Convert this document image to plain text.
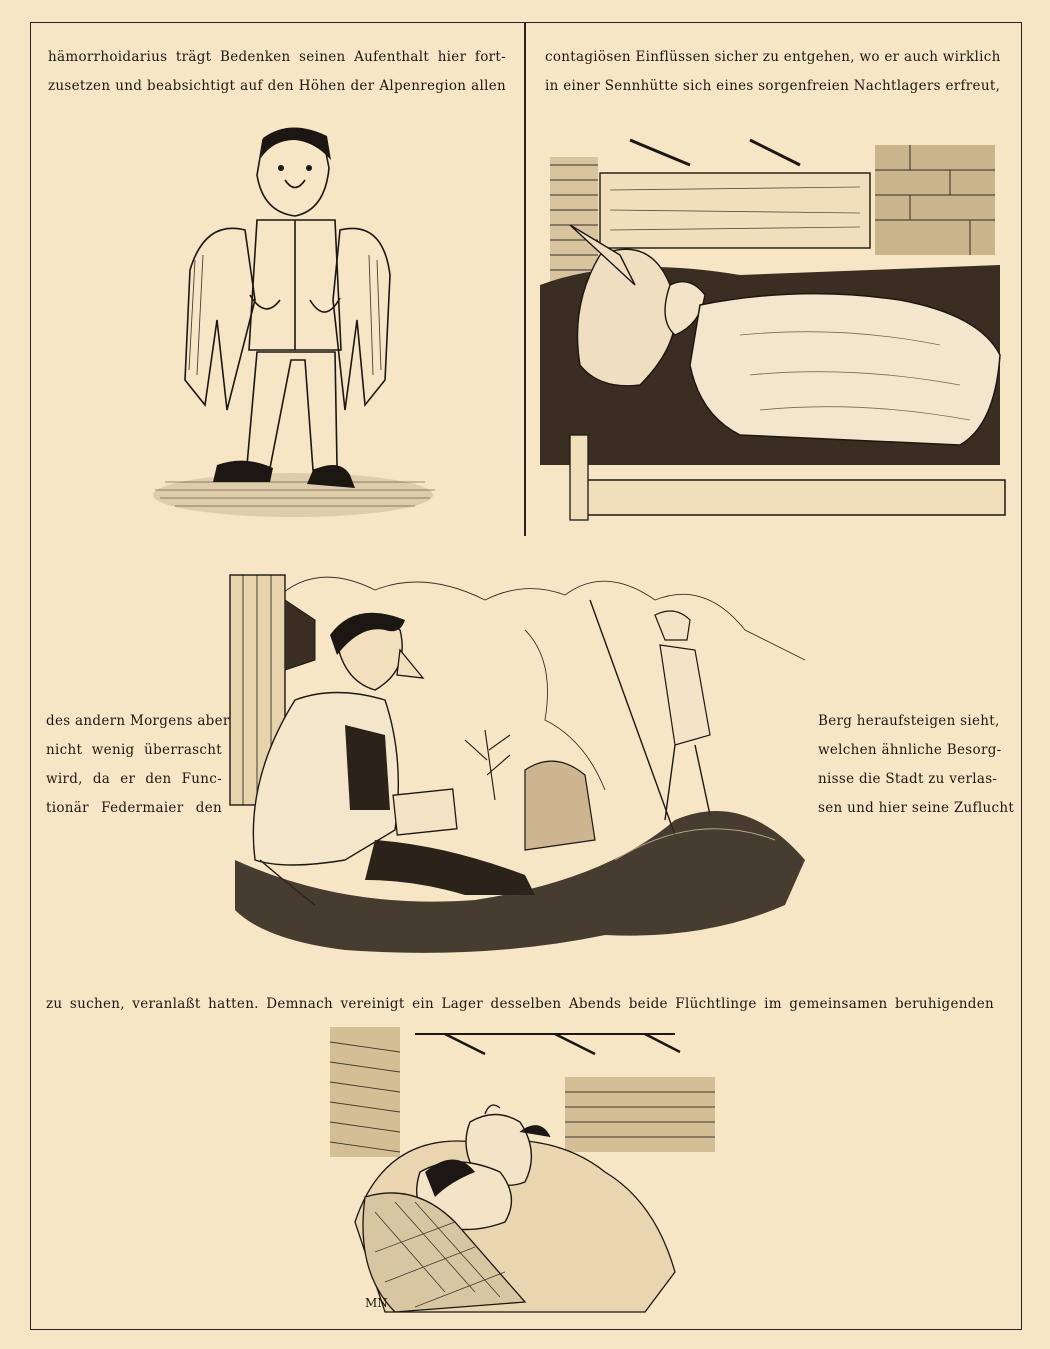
hämorrhoidarius trägt Bedenken seinen Aufenthalt hier fort-
zusetzen und beabsichtigt auf den Höhen der Alpenregion allen
contagiösen Einflüssen sicher zu entgehen, wo er auch wirklich
in einer Sennhütte sich eines sorgenfreien Nachtlagers erfreut,
des andern Morgens aber
nicht wenig überrascht
wird, da er den Func-
tionär Federmaier den
Berg heraufsteigen sieht,
welchen ähnliche Besorg-
nisse die Stadt zu verlas-
sen und hier seine Zuflucht
zu suchen, veranlaßt hatten. Demnach vereinigt ein Lager desselben Abends beide Flüchtlinge im gemeinsamen beruhigenden
MN
